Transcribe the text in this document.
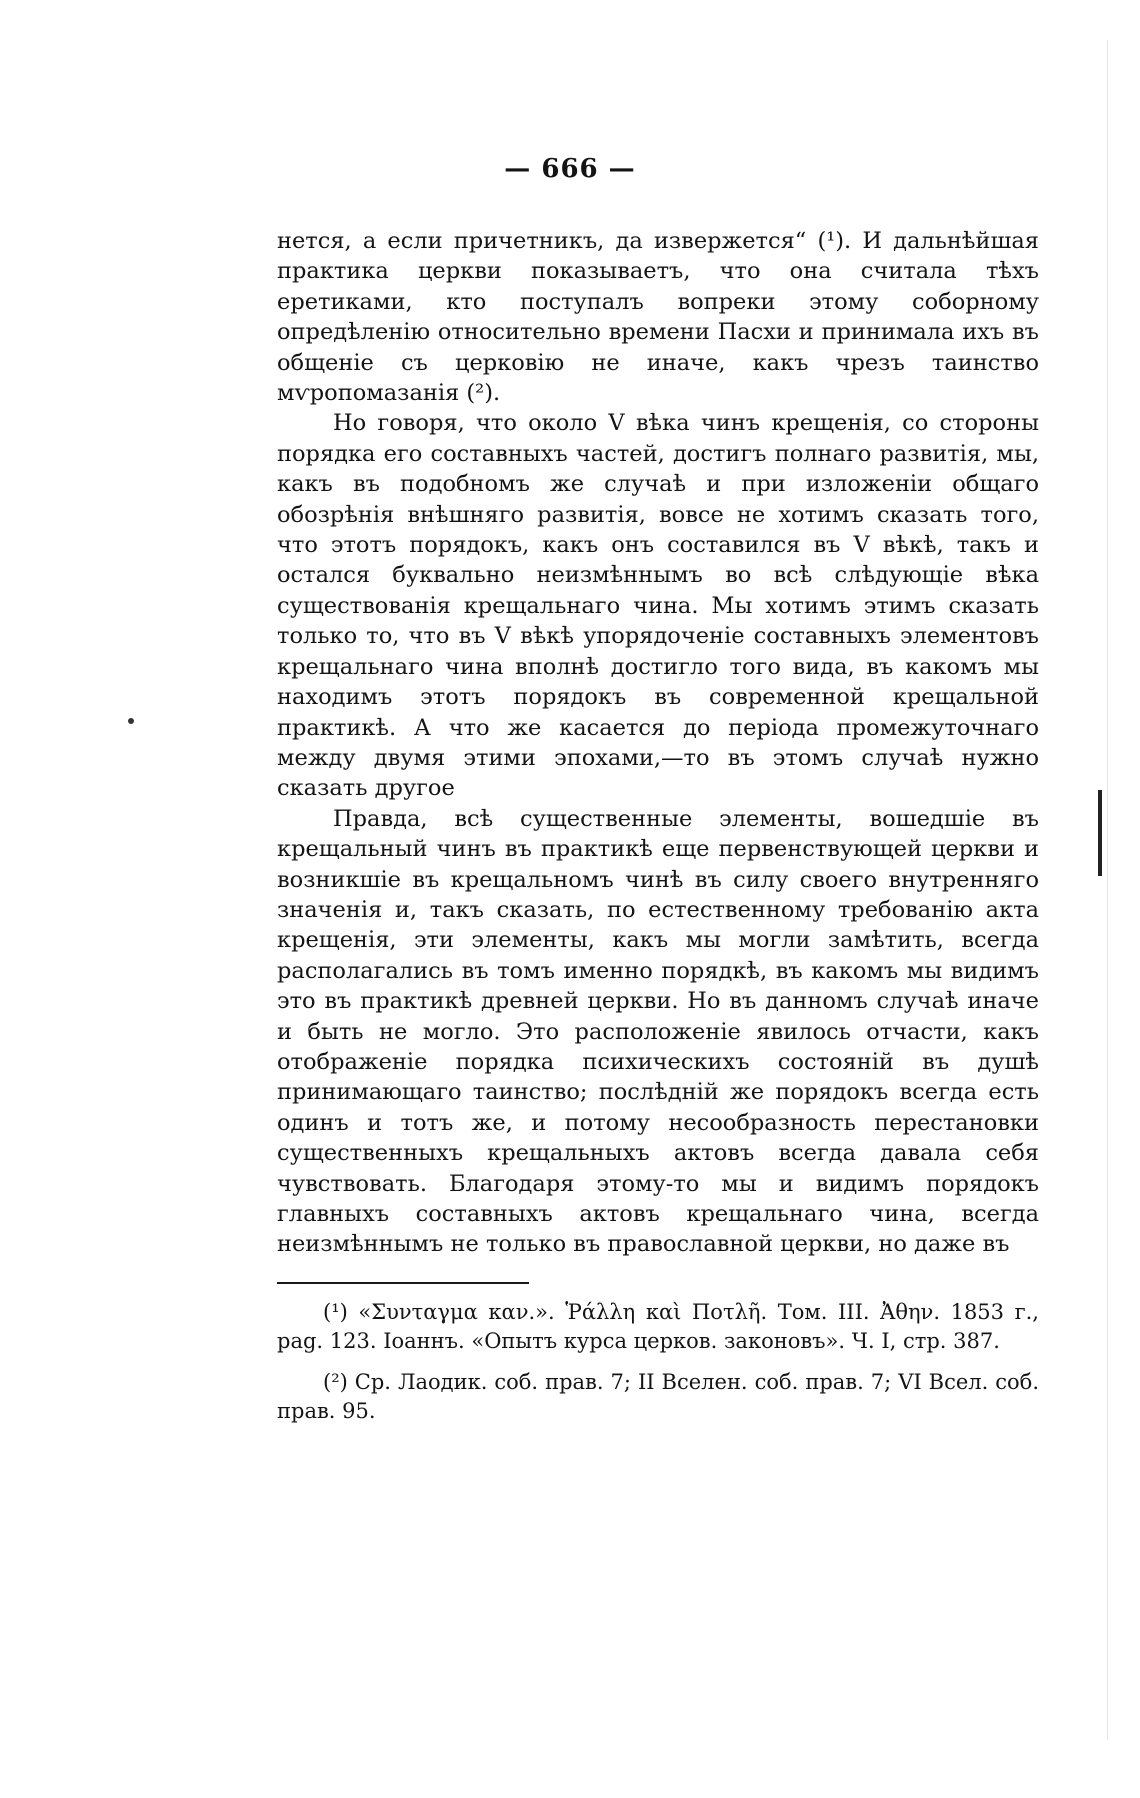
— 666 —

нется, а если причетникъ, да извержется“ (¹). И дальнѣйшая практика церкви показываетъ, что она считала тѣхъ еретиками, кто поступалъ вопреки этому соборному опредѣленію относительно времени Пасхи и принимала ихъ въ общеніе съ церковію не иначе, какъ чрезъ таинство мѵропомазанія (²).

Но говоря, что около V вѣка чинъ крещенія, со стороны порядка его составныхъ частей, достигъ полнаго развитія, мы, какъ въ подобномъ же случаѣ и при изложеніи общаго обозрѣнія внѣшняго развитія, вовсе не хотимъ сказать того, что этотъ порядокъ, какъ онъ составился въ V вѣкѣ, такъ и остался буквально неизмѣннымъ во всѣ слѣдующіе вѣка существованія крещальнаго чина. Мы хотимъ этимъ сказать только то, что въ V вѣкѣ упорядоченіе составныхъ элементовъ крещальнаго чина вполнѣ достигло того вида, въ какомъ мы находимъ этотъ порядокъ въ современной крещальной практикѣ. А что же касается до періода промежуточнаго между двумя этими эпохами,—то въ этомъ случаѣ нужно сказать другое

Правда, всѣ существенные элементы, вошедшіе въ крещальный чинъ въ практикѣ еще первенствующей церкви и возникшіе въ крещальномъ чинѣ въ силу своего внутренняго значенія и, такъ сказать, по естественному требованію акта крещенія, эти элементы, какъ мы могли замѣтить, всегда располагались въ томъ именно порядкѣ, въ какомъ мы видимъ это въ практикѣ древней церкви. Но въ данномъ случаѣ иначе и быть не могло. Это расположеніе явилось отчасти, какъ отображеніе порядка психическихъ состояній въ душѣ принимающаго таинство; послѣдній же порядокъ всегда есть одинъ и тотъ же, и потому несообразность перестановки существенныхъ крещальныхъ актовъ всегда давала себя чувствовать. Благодаря этому-то мы и видимъ порядокъ главныхъ составныхъ актовъ крещальнаго чина, всегда неизмѣннымъ не только въ православной церкви, но даже въ

(¹) «Συνταγμα καν.». Ῥάλλη καὶ Ποτλῆ. Том. III. Ἀθην. 1853 г., pag. 123. Іоаннъ. «Опытъ курса церков. законовъ». Ч. I, стр. 387.

(²) Ср. Лаодик. соб. прав. 7; II Вселен. соб. прав. 7; VI Всел. соб. прав. 95.
